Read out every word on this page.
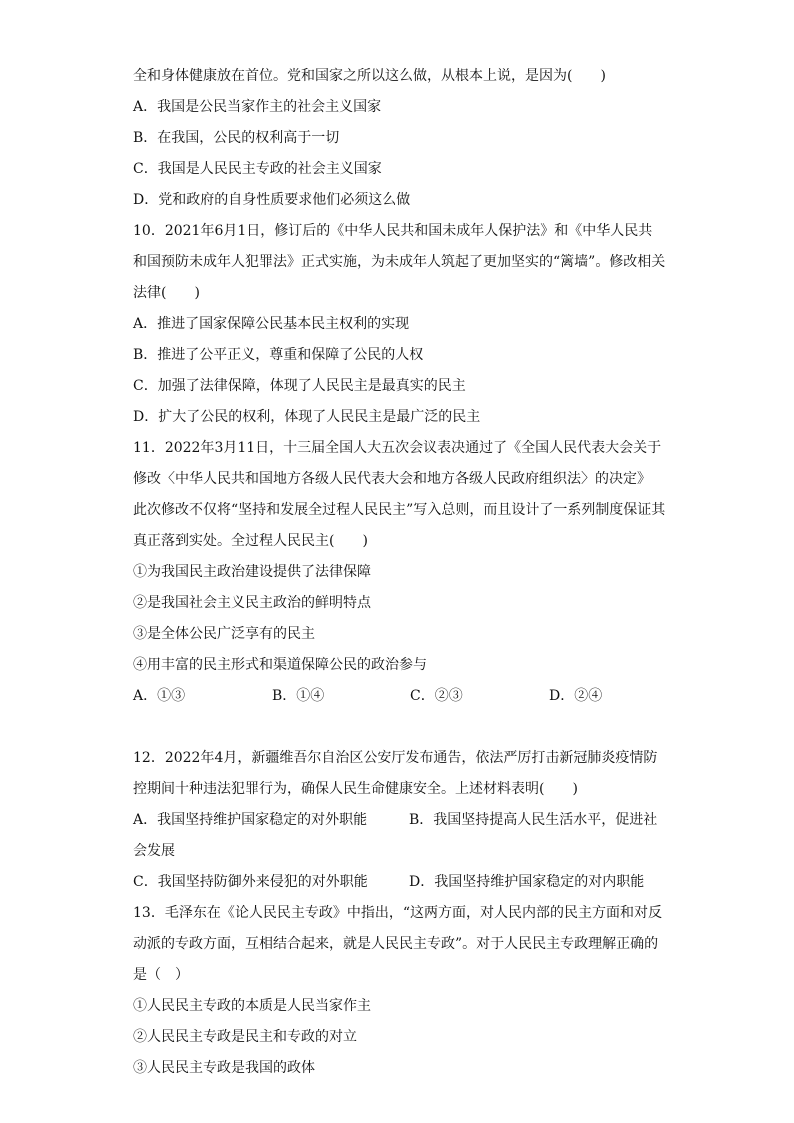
全和身体健康放在首位。党和国家之所以这么做，从根本上说，是因为(　　)
A．我国是公民当家作主的社会主义国家
B．在我国，公民的权利高于一切
C．我国是人民民主专政的社会主义国家
D．党和政府的自身性质要求他们必须这么做
10．2021年6月1日，修订后的《中华人民共和国未成年人保护法》和《中华人民共
和国预防未成年人犯罪法》正式实施，为未成年人筑起了更加坚实的“篱墙”。修改相关
法律(　　)
A．推进了国家保障公民基本民主权利的实现
B．推进了公平正义，尊重和保障了公民的人权
C．加强了法律保障，体现了人民民主是最真实的民主
D．扩大了公民的权利，体现了人民民主是最广泛的民主
11．2022年3月11日，十三届全国人大五次会议表决通过了《全国人民代表大会关于
修改〈中华人民共和国地方各级人民代表大会和地方各级人民政府组织法〉的决定》
此次修改不仅将“坚持和发展全过程人民民主”写入总则，而且设计了一系列制度保证其
真正落到实处。全过程人民民主(　　)
①为我国民主政治建设提供了法律保障
②是我国社会主义民主政治的鲜明特点
③是全体公民广泛享有的民主
④用丰富的民主形式和渠道保障公民的政治参与
A．①③	B．①④	C．②③	D．②④
12．2022年4月，新疆维吾尔自治区公安厅发布通告，依法严厉打击新冠肺炎疫情防
控期间十种违法犯罪行为，确保人民生命健康安全。上述材料表明(　　)
A．我国坚持维护国家稳定的对外职能	B．我国坚持提高人民生活水平，促进社
会发展
C．我国坚持防御外来侵犯的对外职能	D．我国坚持维护国家稳定的对内职能
13．毛泽东在《论人民民主专政》中指出，“这两方面，对人民内部的民主方面和对反
动派的专政方面，互相结合起来，就是人民民主专政”。对于人民民主专政理解正确的
是（　）
①人民民主专政的本质是人民当家作主
②人民民主专政是民主和专政的对立
③人民民主专政是我国的政体
